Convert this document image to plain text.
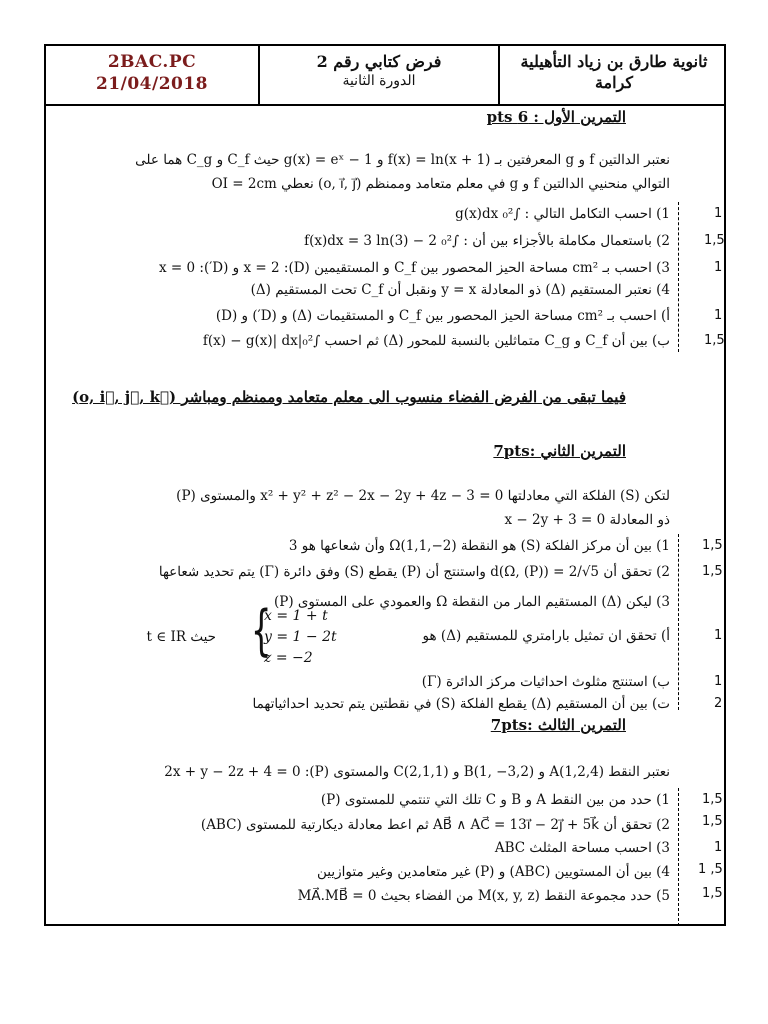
2BAC.PC
21/04/2018
فرض كتابي رقم 2
الدورة الثانية
ثانوية طارق بن زياد التأهيلية
كرامة
التمرين الأول : 6 pts
نعتبر الدالتين f و g المعرفتين بـ f(x) = ln(x + 1) و g(x) = eˣ − 1 حيث C_f و C_g هما على
التوالي منحنيي الدالتين f و g في معلم متعامد وممنظم (o, i⃗, j⃗) نعطي OI = 2cm
1) احسب التكامل التالي : ∫₀² g(x)dx	1
2) باستعمال مكاملة بالأجزاء بين أن : ∫₀² f(x)dx = 3 ln(3) − 2	1,5
3) احسب بـ cm² مساحة الحيز المحصور بين C_f و المستقيمين (D): x = 2 و (D′): x = 0	1
4) نعتبر المستقيم (Δ) ذو المعادلة y = x ونقبل أن C_f تحت المستقيم (Δ)
أ) احسب بـ cm² مساحة الحيز المحصور بين C_f و المستقيمات (Δ) و (D′) و (D)	1
ب) بين أن C_f و C_g متماثلين بالنسبة للمحور (Δ) ثم احسب ∫₀²|f(x) − g(x)| dx	1,5
فيما تبقى من الفرض الفضاء منسوب الى معلم متعامد وممنظم ومباشر (o, i⃗, j⃗, k⃗)
التمرين الثاني :7pts
لتكن (S) الفلكة التي معادلتها x² + y² + z² − 2x − 2y + 4z − 3 = 0 والمستوى (P)
ذو المعادلة x − 2y + 3 = 0
1) بين أن مركز الفلكة (S) هو النقطة Ω(1,1,−2) وأن شعاعها هو 3 1,5
2) تحقق أن d(Ω, (P)) = 2/√5 واستنتج أن (P) يقطع (S) وفق دائرة (Γ) يتم تحديد شعاعها 1,5
3) ليكن (Δ) المستقيم المار من النقطة Ω والعمودي على المستوى (P)
أ) تحقق ان تمثيل بارامتري للمستقيم (Δ) هو	1
x = 1 + t
y = 1 − 2t
z = −2
{
حيث t ∈ IR
ب) استنتج مثلوث احداثيات مركز الدائرة (Γ)	1
ت) بين أن المستقيم (Δ) يقطع الفلكة (S) في نقطتين يتم تحديد احداثياتهما	2
التمرين الثالث :7pts
نعتبر النقط A(1,2,4) و B(1, −3,2) و C(2,1,1) والمستوى (P): 2x + y − 2z + 4 = 0
1) حدد من بين النقط A و B و C تلك التي تنتمي للمستوى (P) 1,5
2) تحقق أن AB⃗ ∧ AC⃗ = 13i⃗ − 2j⃗ + 5k⃗ ثم اعط معادلة ديكارتية للمستوى (ABC) 1,5
3) احسب مساحة المثلث ABC	1
4) بين أن المستويين (ABC) و (P) غير متعامدين وغير متوازيين 1 ,5
5) حدد مجموعة النقط M(x, y, z) من الفضاء بحيث MA⃗.MB⃗ = 0 1,5
